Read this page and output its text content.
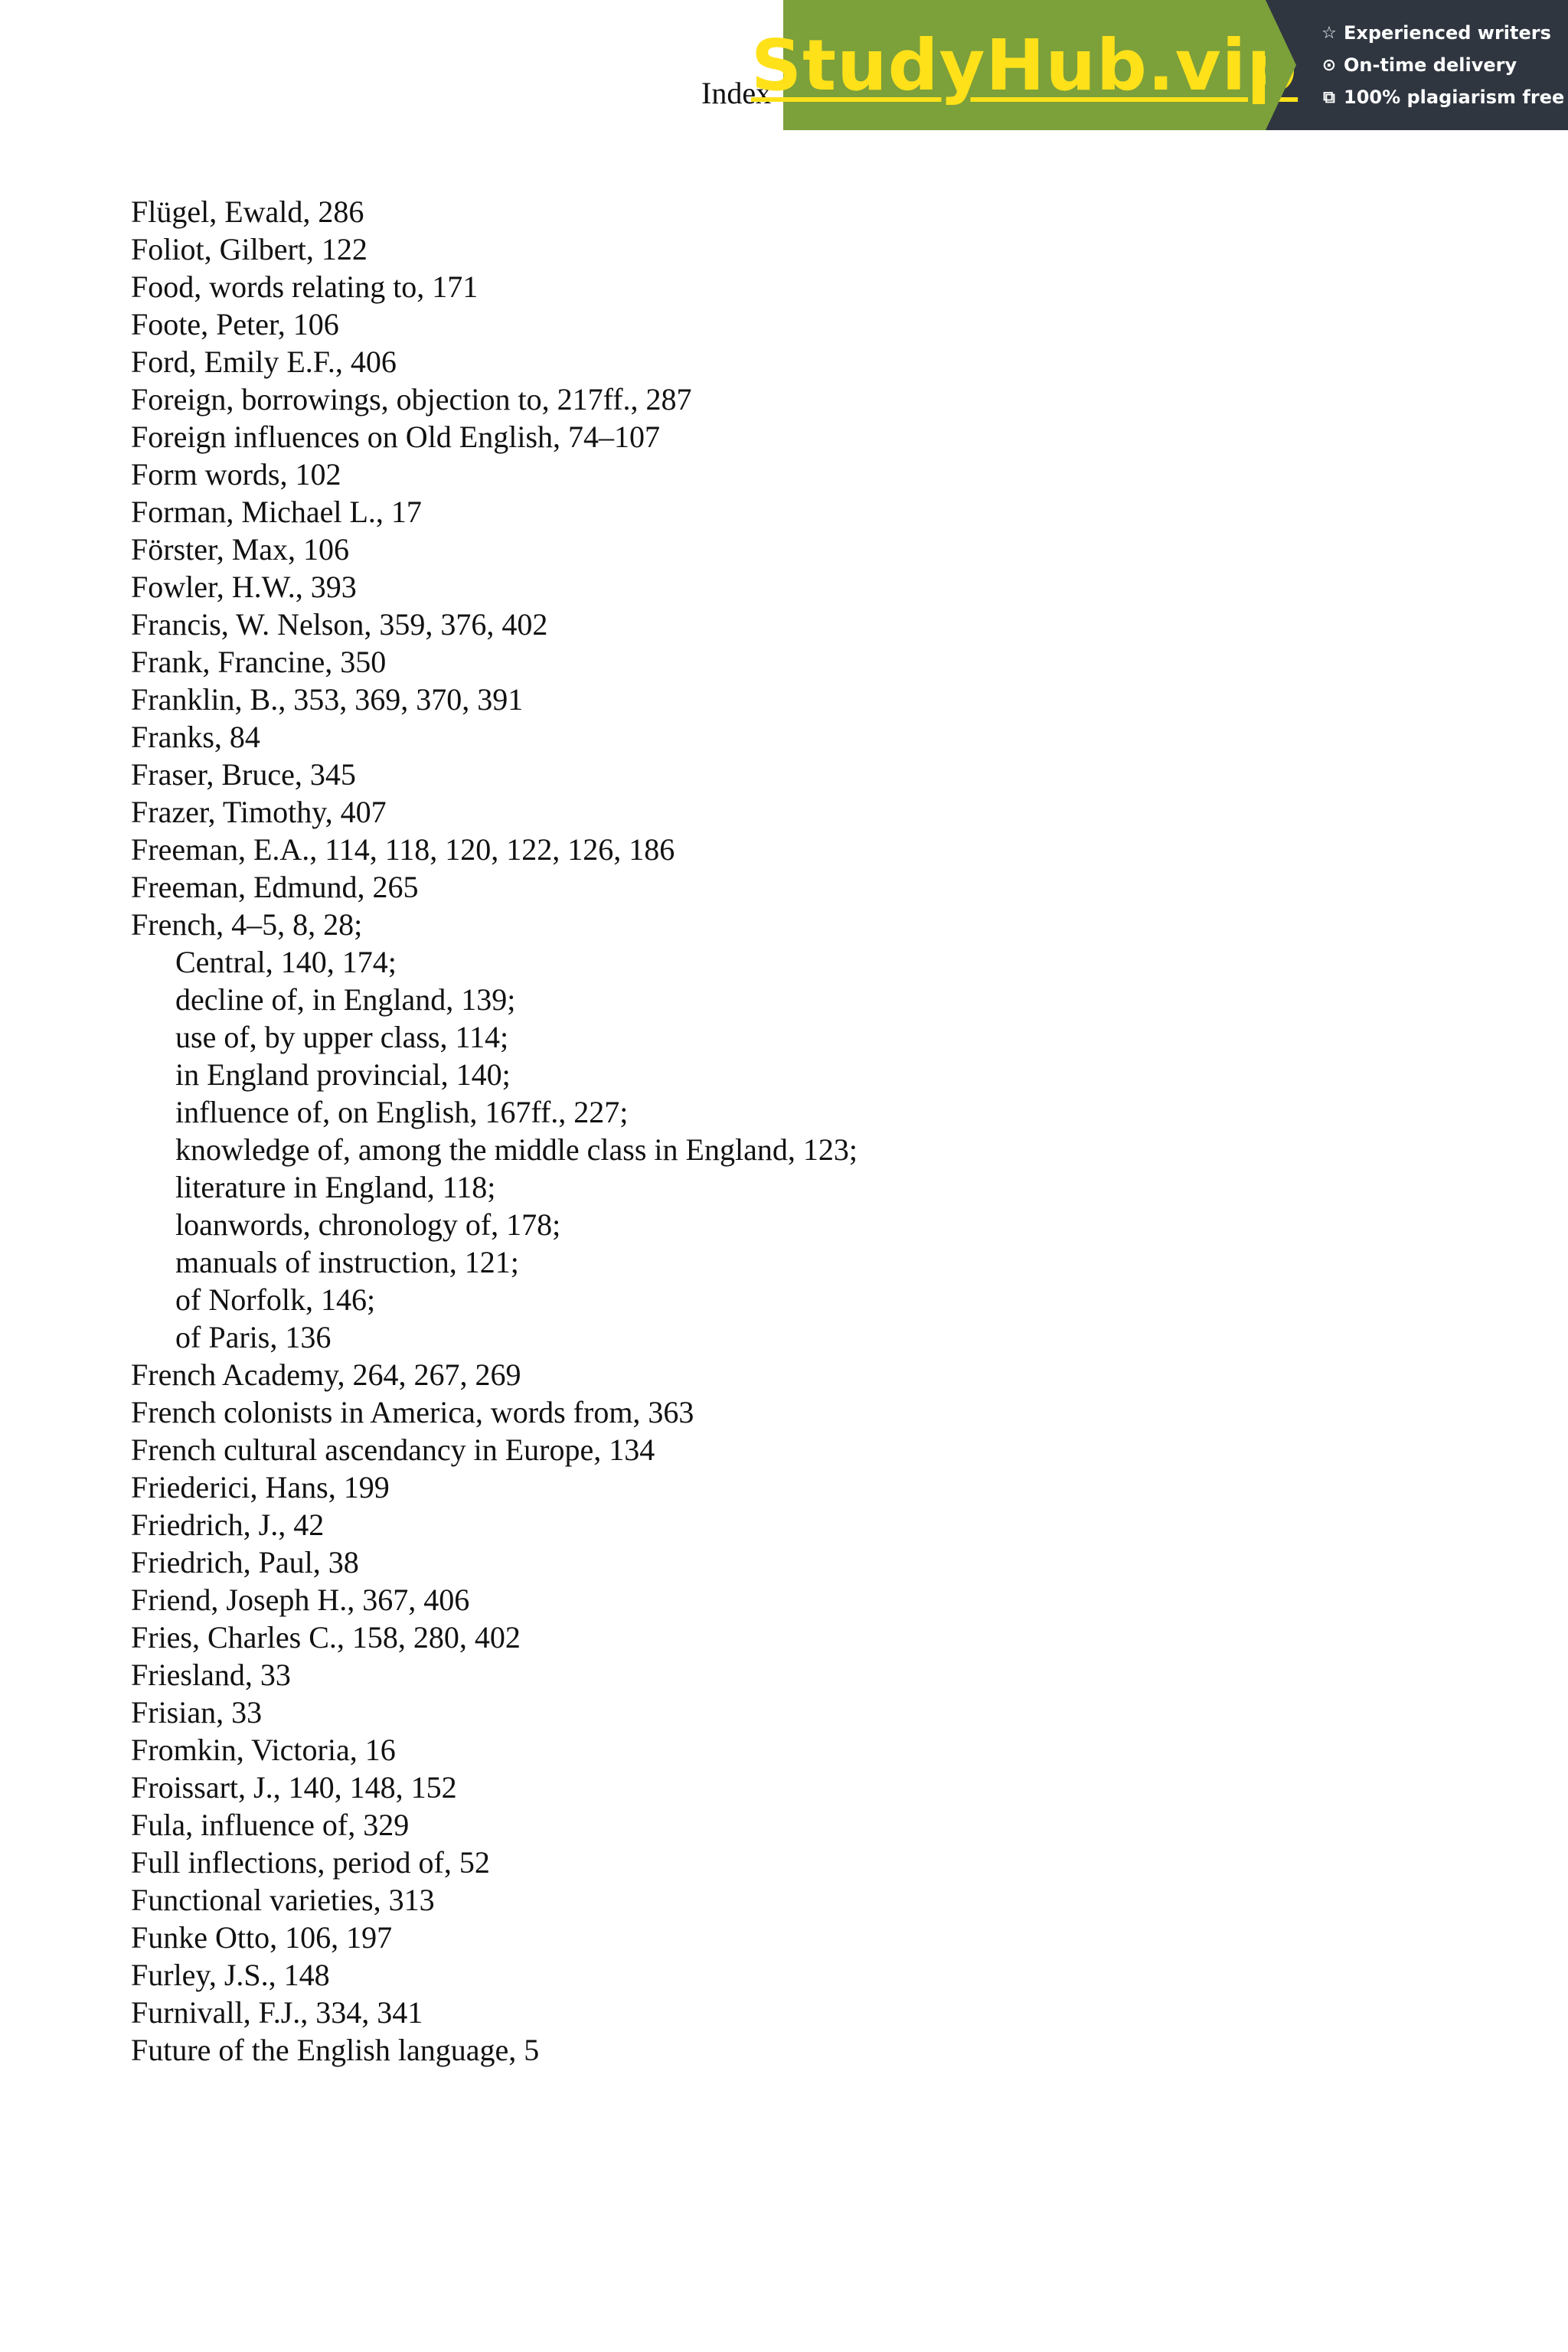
Index
StudyHub.vip ☆ Experienced writers
⊙ On-time delivery
⧉ 100% plagiarism free
Flügel, Ewald, 286
Foliot, Gilbert, 122
Food, words relating to, 171
Foote, Peter, 106
Ford, Emily E.F., 406
Foreign, borrowings, objection to, 217ff., 287
Foreign influences on Old English, 74–107
Form words, 102
Forman, Michael L., 17
Förster, Max, 106
Fowler, H.W., 393
Francis, W. Nelson, 359, 376, 402
Frank, Francine, 350
Franklin, B., 353, 369, 370, 391
Franks, 84
Fraser, Bruce, 345
Frazer, Timothy, 407
Freeman, E.A., 114, 118, 120, 122, 126, 186
Freeman, Edmund, 265
French, 4–5, 8, 28;
Central, 140, 174;
decline of, in England, 139;
use of, by upper class, 114;
in England provincial, 140;
influence of, on English, 167ff., 227;
knowledge of, among the middle class in England, 123;
literature in England, 118;
loanwords, chronology of, 178;
manuals of instruction, 121;
of Norfolk, 146;
of Paris, 136
French Academy, 264, 267, 269
French colonists in America, words from, 363
French cultural ascendancy in Europe, 134
Friederici, Hans, 199
Friedrich, J., 42
Friedrich, Paul, 38
Friend, Joseph H., 367, 406
Fries, Charles C., 158, 280, 402
Friesland, 33
Frisian, 33
Fromkin, Victoria, 16
Froissart, J., 140, 148, 152
Fula, influence of, 329
Full inflections, period of, 52
Functional varieties, 313
Funke Otto, 106, 197
Furley, J.S., 148
Furnivall, F.J., 334, 341
Future of the English language, 5
